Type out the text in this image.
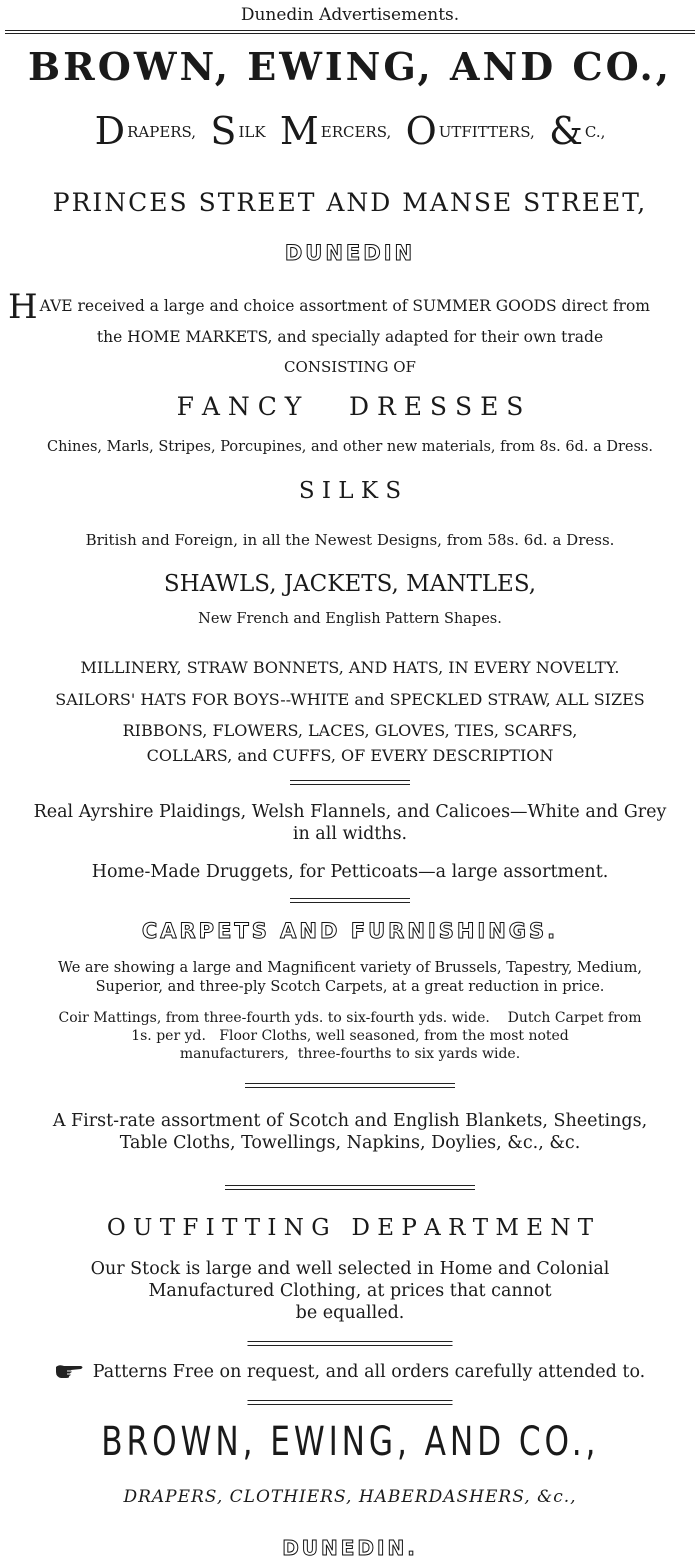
Dunedin Advertisements.
BROWN, EWING, AND CO.,
DRAPERS, S ILK M ERCERS, O UTFITTERS, & C.,
PRINCES STREET AND MANSE STREET,
DUNEDIN
HAVE received a large and choice assortment of SUMMER GOODS direct from
the HOME MARKETS, and specially adapted for their own trade
CONSISTING OF
F A N C Y      D R E S S E S
Chines, Marls, Stripes, Porcupines, and other new materials, from 8s. 6d. a Dress.
S I L K S
British and Foreign, in all the Newest Designs, from 58s. 6d. a Dress.
SHAWLS, JACKETS, MANTLES,
New French and English Pattern Shapes.
MILLINERY, STRAW BONNETS, AND HATS, IN EVERY NOVELTY.
SAILORS' HATS FOR BOYS--WHITE and SPECKLED STRAW, ALL SIZES
RIBBONS, FLOWERS, LACES, GLOVES, TIES, SCARFS,
COLLARS, and CUFFS, OF EVERY DESCRIPTION
Real Ayrshire Plaidings, Welsh Flannels, and Calicoes—White and Grey
in all widths.
Home-Made Druggets, for Petticoats—a large assortment.
CARPETS AND FURNISHINGS.
We are showing a large and Magnificent variety of Brussels, Tapestry, Medium,
Superior, and three-ply Scotch Carpets, at a great reduction in price.
Coir Mattings, from three-fourth yds. to six-fourth yds. wide.    Dutch Carpet from
1s. per yd.   Floor Cloths, well seasoned, from the most noted
manufacturers,  three-fourths to six yards wide.
A First-rate assortment of Scotch and English Blankets, Sheetings,
Table Cloths, Towellings, Napkins, Doylies, &c., &c.
O U T F I T T I N G   D E P A R T M E N T
Our Stock is large and well selected in Home and Colonial
Manufactured Clothing, at prices that cannot
be equalled.
Patterns Free on request, and all orders carefully attended to.
BROWN, EWING, AND CO.,
DRAPERS, CLOTHIERS, HABERDASHERS, &c.,
DUNEDIN.
